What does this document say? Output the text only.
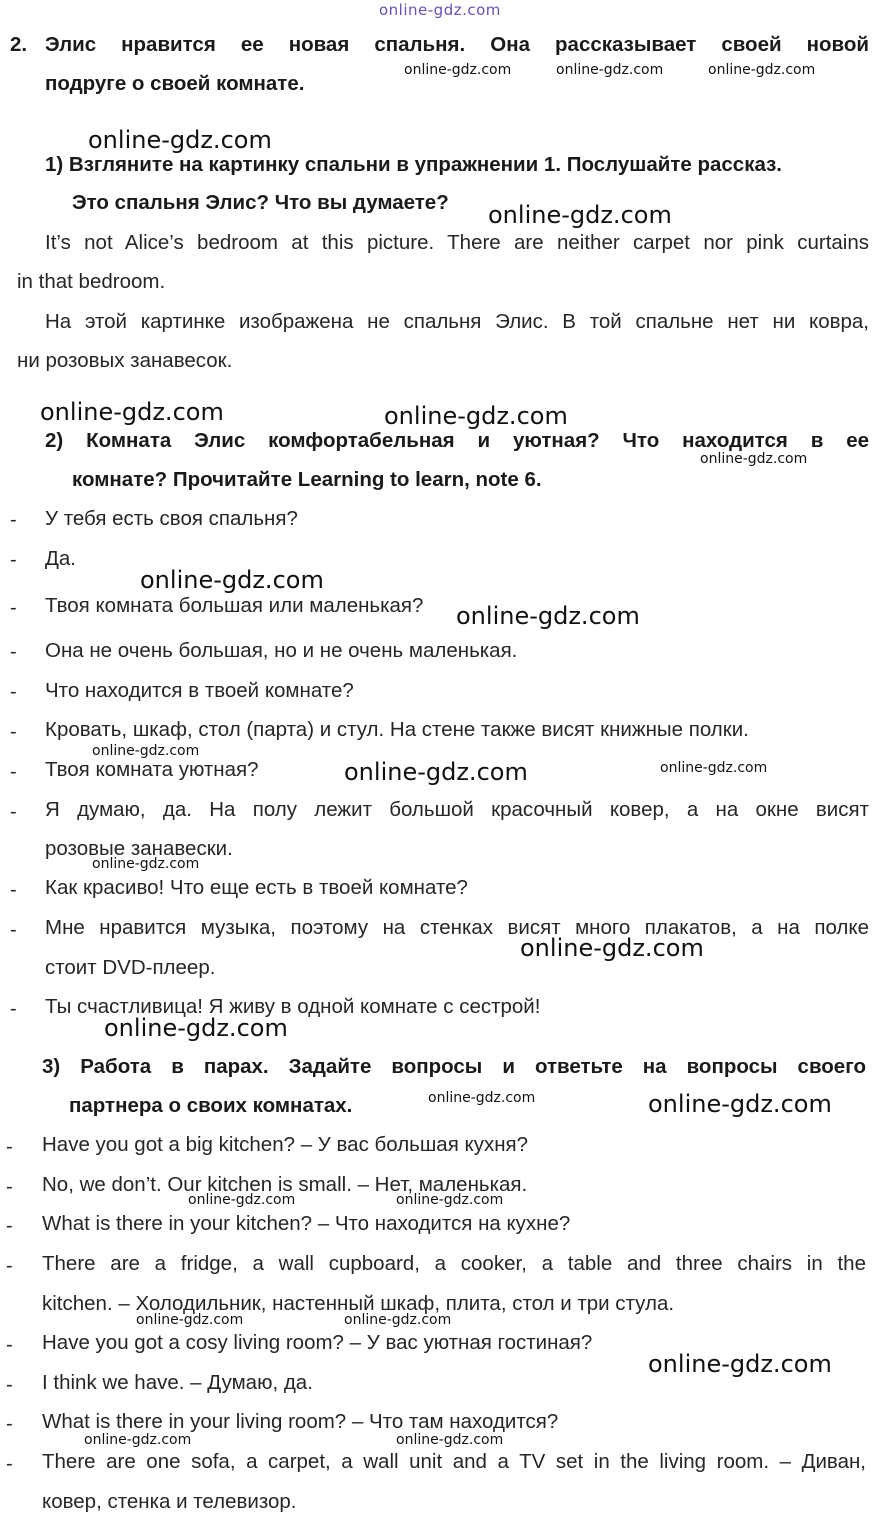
online-gdz.com
2. Элис нравится ее новая спальня. Она рассказывает своей новой
подруге о своей комнате.
1) Взгляните на картинку спальни в упражнении 1. Послушайте рассказ.
Это спальня Элис? Что вы думаете?
It’s not Alice’s bedroom at this picture. There are neither carpet nor pink curtains
in that bedroom.
На этой картинке изображена не спальня Элис. В той спальне нет ни ковра,
ни розовых занавесок.
2) Комната Элис комфортабельная и уютная? Что находится в ее
комнате? Прочитайте Learning to learn, note 6.
- У тебя есть своя спальня?
- Да.
- Твоя комната большая или маленькая?
- Она не очень большая, но и не очень маленькая.
- Что находится в твоей комнате?
- Кровать, шкаф, стол (парта) и стул. На стене также висят книжные полки.
- Твоя комната уютная?
- Я думаю, да. На полу лежит большой красочный ковер, а на окне висят
розовые занавески.
- Как красиво! Что еще есть в твоей комнате?
- Мне нравится музыка, поэтому на стенках висят много плакатов, а на полке
стоит DVD-плеер.
- Ты счастливица! Я живу в одной комнате с сестрой!
3) Работа в парах. Задайте вопросы и ответьте на вопросы своего
партнера о своих комнатах.
- Have you got a big kitchen? – У вас большая кухня?
- No, we don’t. Our kitchen is small. – Нет, маленькая.
- What is there in your kitchen? – Что находится на кухне?
- There are a fridge, a wall cupboard, a cooker, a table and three chairs in the
kitchen. – Холодильник, настенный шкаф, плита, стол и три стула.
- Have you got a cosy living room? – У вас уютная гостиная?
- I think we have. – Думаю, да.
- What is there in your living room? – Что там находится?
- There are one sofa, a carpet, a wall unit and a TV set in the living room. – Диван,
ковер, стенка и телевизор.
online-gdz.com
online-gdz.com
online-gdz.com	online-gdz.com
online-gdz.com
online-gdz.com
online-gdz.com
online-gdz.com
online-gdz.com
online-gdz.com
online-gdz.com
online-gdz.com	online-gdz.com	online-gdz.com
online-gdz.com
online-gdz.com
online-gdz.com
online-gdz.com
online-gdz.com
online-gdz.com	online-gdz.com
online-gdz.com	online-gdz.com
online-gdz.com	online-gdz.com
